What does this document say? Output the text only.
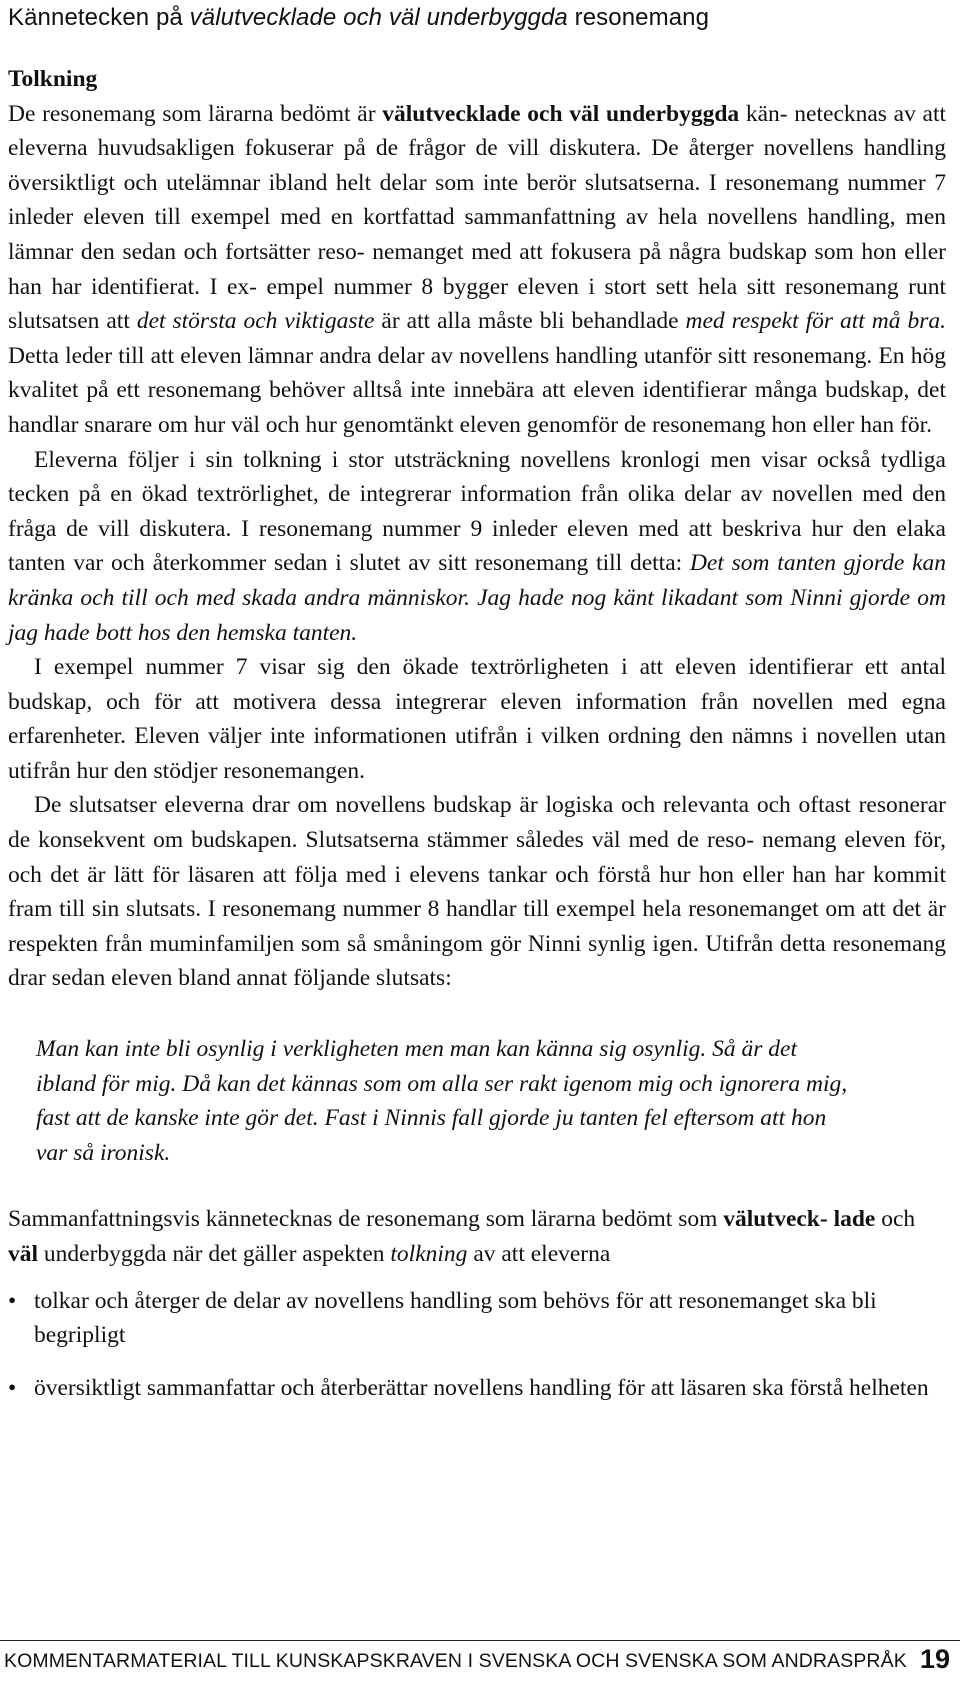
Kännetecken på välutvecklade och väl underbyggda resonemang
Tolkning

De resonemang som lärarna bedömt är välutvecklade och väl underbyggda kän- netecknas av att eleverna huvudsakligen fokuserar på de frågor de vill diskutera. De återger novellens handling översiktligt och utelämnar ibland helt delar som inte berör slutsatserna. I resonemang nummer 7 inleder eleven till exempel med en kortfattad sammanfattning av hela novellens handling, men lämnar den sedan och fortsätter reso- nemanget med att fokusera på några budskap som hon eller han har identifierat. I ex- empel nummer 8 bygger eleven i stort sett hela sitt resonemang runt slutsatsen att det största och viktigaste är att alla måste bli behandlade med respekt för att må bra. Detta leder till att eleven lämnar andra delar av novellens handling utanför sitt resonemang. En hög kvalitet på ett resonemang behöver alltså inte innebära att eleven identifierar många budskap, det handlar snarare om hur väl och hur genomtänkt eleven genomför de resonemang hon eller han för.

Eleverna följer i sin tolkning i stor utsträckning novellens kronlogi men visar också tydliga tecken på en ökad textrörlighet, de integrerar information från olika delar av novellen med den fråga de vill diskutera. I resonemang nummer 9 inleder eleven med att beskriva hur den elaka tanten var och återkommer sedan i slutet av sitt resonemang till detta: Det som tanten gjorde kan kränka och till och med skada andra människor. Jag hade nog känt likadant som Ninni gjorde om jag hade bott hos den hemska tanten.

I exempel nummer 7 visar sig den ökade textrörligheten i att eleven identifierar ett antal budskap, och för att motivera dessa integrerar eleven information från novellen med egna erfarenheter. Eleven väljer inte informationen utifrån i vilken ordning den nämns i novellen utan utifrån hur den stödjer resonemangen.

De slutsatser eleverna drar om novellens budskap är logiska och relevanta och oftast resonerar de konsekvent om budskapen. Slutsatserna stämmer således väl med de reso- nemang eleven för, och det är lätt för läsaren att följa med i elevens tankar och förstå hur hon eller han har kommit fram till sin slutsats. I resonemang nummer 8 handlar till exempel hela resonemanget om att det är respekten från muminfamiljen som så småningom gör Ninni synlig igen. Utifrån detta resonemang drar sedan eleven bland annat följande slutsats:

Man kan inte bli osynlig i verkligheten men man kan känna sig osynlig. Så är det ibland för mig. Då kan det kännas som om alla ser rakt igenom mig och ignorera mig, fast att de kanske inte gör det. Fast i Ninnis fall gjorde ju tanten fel eftersom att hon var så ironisk.

Sammanfattningsvis kännetecknas de resonemang som lärarna bedömt som välutveck- lade och väl underbyggda när det gäller aspekten tolkning av att eleverna

• tolkar och återger de delar av novellens handling som behövs för att resonemanget ska bli begripligt
• översiktligt sammanfattar och återberättar novellens handling för att läsaren ska förstå helheten
KOMMENTARMATERIAL TILL KUNSKAPSKRAVEN I SVENSKA OCH SVENSKA SOM ANDRASPRÅK 19
